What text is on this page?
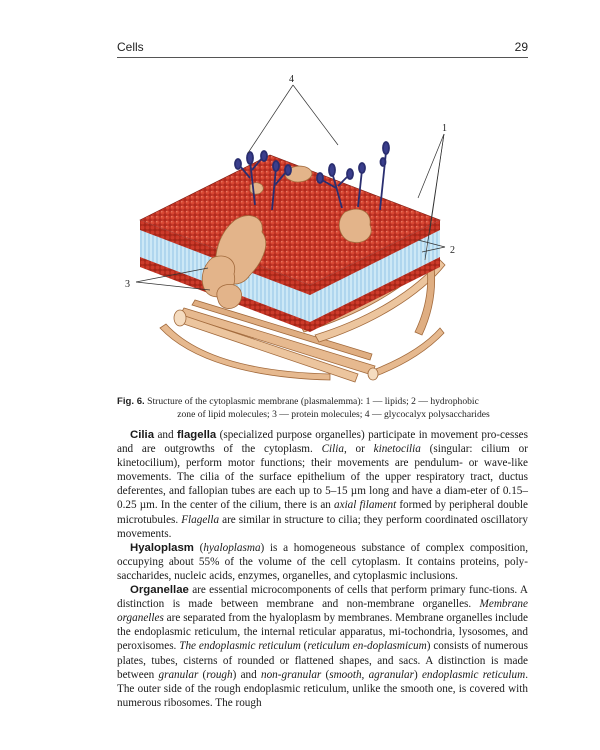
Cells	29
4
1
2
3
Fig. 6. Structure of the cytoplasmic membrane (plasmalemma): 1 — lipids; 2 — hydrophobic
zone of lipid molecules; 3 — protein molecules; 4 — glycocalyx polysaccharides

Cilia and flagella (specialized purpose organelles) participate in movement pro-cesses and are outgrowths of the cytoplasm. Cilia, or kinetocilia (singular: cilium or kinetocilium), perform motor functions; their movements are pendulum- or wave-like movements. The cilia of the surface epithelium of the upper respiratory tract, ductus deferentes, and fallopian tubes are each up to 5–15 µm long and have a diam-eter of 0.15–0.25 µm. In the center of the cilium, there is an axial filament formed by peripheral double microtubules. Flagella are similar in structure to cilia; they perform coordinated oscillatory movements.

Hyaloplasm (hyaloplasma) is a homogeneous substance of complex composition, occupying about 55% of the volume of the cell cytoplasm. It contains proteins, poly-saccharides, nucleic acids, enzymes, organelles, and cytoplasmic inclusions.

Organellae are essential microcomponents of cells that perform primary func-tions. A distinction is made between membrane and non-membrane organelles. Membrane organelles are separated from the hyaloplasm by membranes. Membrane organelles include the endoplasmic reticulum, the internal reticular apparatus, mi-tochondria, lysosomes, and peroxisomes. The endoplasmic reticulum (reticulum en-doplasmicum) consists of numerous plates, tubes, cisterns of rounded or flattened shapes, and sacs. A distinction is made between granular (rough) and non-granular (smooth, agranular) endoplasmic reticulum. The outer side of the rough endoplasmic reticulum, unlike the smooth one, is covered with numerous ribosomes. The rough
